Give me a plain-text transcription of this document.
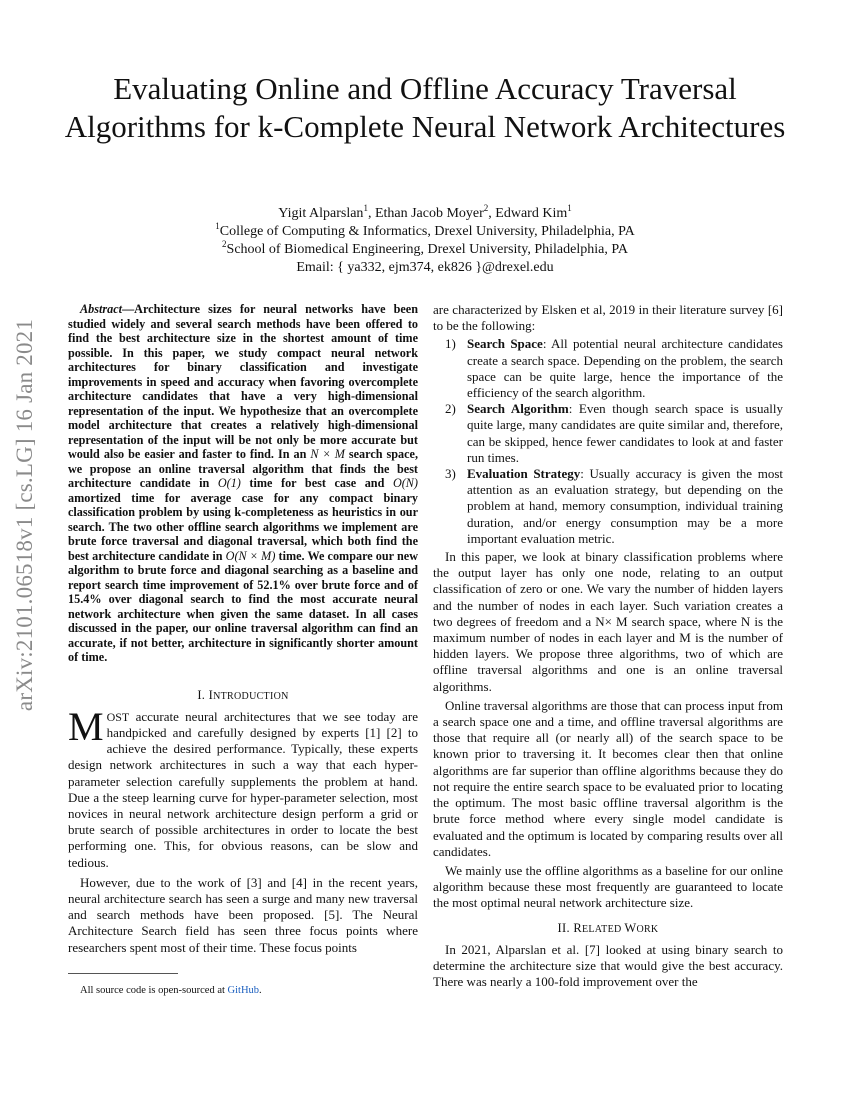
arXiv:2101.06518v1 [cs.LG] 16 Jan 2021
Evaluating Online and Offline Accuracy Traversal Algorithms for k-Complete Neural Network Architectures
Yigit Alparslan$^1$, Ethan Jacob Moyer$^2$, Edward Kim$^1$
$^1$College of Computing & Informatics, Drexel University, Philadelphia, PA
$^2$School of Biomedical Engineering, Drexel University, Philadelphia, PA
Email: { ya332, ejm374, ek826 }@drexel.edu

Abstract—Architecture sizes for neural networks have been studied widely and several search methods have been offered to find the best architecture size in the shortest amount of time possible. In this paper, we study compact neural network architectures for binary classification and investigate improvements in speed and accuracy when favoring overcomplete architecture candidates that have a very high-dimensional representation of the input. We hypothesize that an overcomplete model architecture that creates a relatively high-dimensional representation of the input will be not only be more accurate but would also be easier and faster to find. In an N × M search space, we propose an online traversal algorithm that finds the best architecture candidate in O(1) time for best case and O(N) amortized time for average case for any compact binary classification problem by using k-completeness as heuristics in our search. The two other offline search algorithms we implement are brute force traversal and diagonal traversal, which both find the best architecture candidate in O(N × M) time. We compare our new algorithm to brute force and diagonal searching as a baseline and report search time improvement of 52.1% over brute force and of 15.4% over diagonal search to find the most accurate neural network architecture when given the same dataset. In all cases discussed in the paper, our online traversal algorithm can find an accurate, if not better, architecture in significantly shorter amount of time.

I. INTRODUCTION

MOST accurate neural architectures that we see today are handpicked and carefully designed by experts [1] [2] to achieve the desired performance. Typically, these experts design network architectures in such a way that each hyper-parameter selection carefully supplements the problem at hand. Due a the steep learning curve for hyper-parameter selection, most novices in neural network architecture design perform a grid or brute search of possible architectures in order to locate the best performing one. This, for obvious reasons, can be slow and tedious.

However, due to the work of [3] and [4] in the recent years, neural architecture search has seen a surge and many new traversal and search methods have been proposed. [5]. The Neural Architecture Search field has seen three focus points where researchers spent most of their time. These focus points

are characterized by Elsken et al, 2019 in their literature survey [6] to be the following:

1) Search Space: All potential neural architecture candidates create a search space. Depending on the problem, the search space can be quite large, hence the importance of the efficiency of the search algorithm.
2) Search Algorithm: Even though search space is usually quite large, many candidates are quite similar and, therefore, can be skipped, hence fewer candidates to look at and faster run times.
3) Evaluation Strategy: Usually accuracy is given the most attention as an evaluation strategy, but depending on the problem at hand, memory consumption, individual training duration, and/or energy consumption may be a more important evaluation metric.

In this paper, we look at binary classification problems where the output layer has only one node, relating to an output classification of zero or one. We vary the number of hidden layers and the number of nodes in each layer. Such variation creates a two degrees of freedom and a N× M search space, where N is the maximum number of nodes in each layer and M is the number of hidden layers. We propose three algorithms, two of which are offline traversal algorithms and one is an online traversal algorithms.

Online traversal algorithms are those that can process input from a search space one and a time, and offline traversal algorithms are those that require all (or nearly all) of the search space to be known prior to traversing it. It becomes clear then that online algorithms are far superior than offline algorithms because they do not require the entire search space to be evaluated prior to locating the optimum. The most basic offline traversal algorithm is the brute force method where every single model candidate is evaluated and the optimum is located by comparing results over all candidates.

We mainly use the offline algorithms as a baseline for our online algorithm because these most frequently are guaranteed to locate the most optimal neural network architecture size.

II. RELATED WORK

In 2021, Alparslan et al. [7] looked at using binary search to determine the architecture size that would give the best accuracy. There was nearly a 100-fold improvement over the

All source code is open-sourced at GitHub.
